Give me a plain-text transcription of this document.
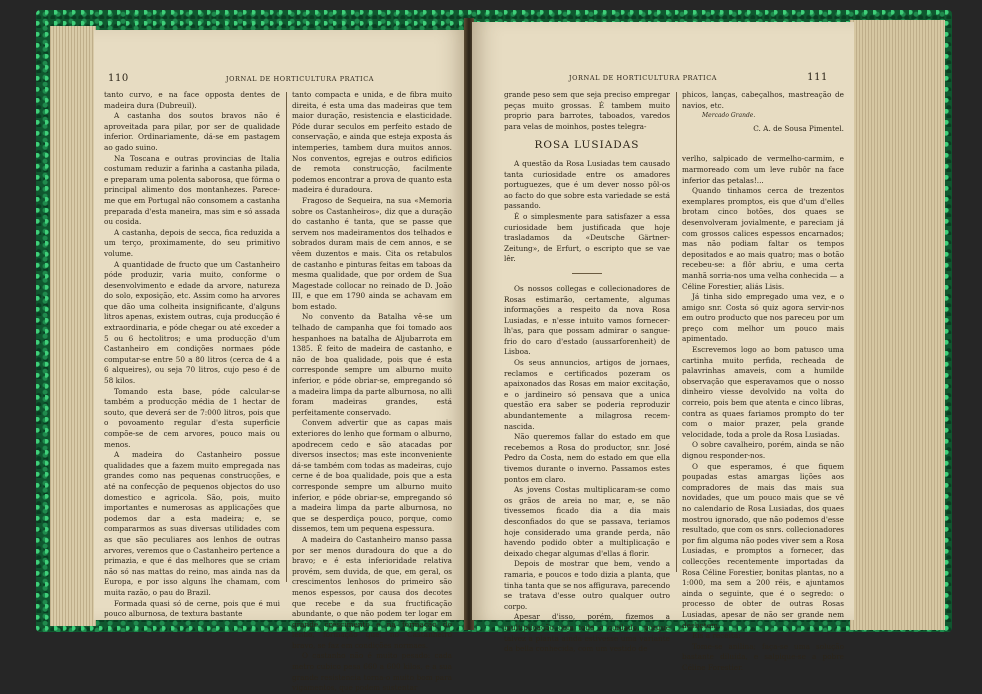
110	JORNAL DE HORTICULTURA PRATICA

tanto curvo, e na face opposta dentes de madeira dura (Dubreuil).

A castanha dos soutos bravos não é aproveitada para pilar, por ser de qualidade inferior. Ordinariamente, dá-se em pastagem ao gado suino.

Na Toscana e outras provincias de Italia costumam reduzir a farinha a castanha pilada, e preparam uma polenta saborosa, que fórma o principal alimento dos montanhezes. Parece-me que em Portugal não consomem a castanha preparada d'esta maneira, mas sim e só assada ou cosida.

A castanha, depois de secca, fica reduzida a um terço, proximamente, do seu primitivo volume.

A quantidade de fructo que um Castanheiro póde produzir, varia muito, conforme o desenvolvimento e edade da arvore, natureza do solo, exposição, etc. Assim como ha arvores que dão uma colheita insignificante, d'alguns litros apenas, existem outras, cuja producção é extraordinaria, e póde chegar ou até exceder a 5 ou 6 hectolitros; e uma producção d'um Castanheiro em condições normaes póde computar-se entre 50 a 80 litros (cerca de 4 a 6 alqueires), ou seja 70 litros, cujo peso é de 58 kilos.

Tomando esta base, póde calcular-se também a producção média de 1 hectar de souto, que deverá ser de 7:000 litros, pois que o povoamento regular d'esta superficie compõe-se de cem arvores, pouco mais ou menos.

A madeira do Castanheiro possue qualidades que a fazem muito empregada nas grandes como nas pequenas construcções, e até na confecção de pequenos objectos do uso domestico e agricola. São, pois, muito importantes e numerosas as applicações que podemos dar a esta madeira; e, se compararmos as suas diversas utilidades com as que são peculiares aos lenhos de outras arvores, veremos que o Castanheiro pertence a primazia, e que é das melhores que se criam não só nas mattas do reino, mas ainda nas da Europa, e por isso alguns lhe chamam, com muita razão, o pau do Brazil.

Formada quasi só de cerne, pois que é mui pouco alburnosa, de textura bastante

tanto compacta e unida, e de fibra muito direita, é esta uma das madeiras que tem maior duração, resistencia e elasticidade. Póde durar seculos em perfeito estado de conservação, e ainda que esteja exposta ás intemperies, tambem dura muitos annos. Nos conventos, egrejas e outros edificios de remota construcção, facilmente podemos encontrar a prova de quanto esta madeira é duradoura.

Fragoso de Sequeira, na sua «Memoria sobre os Castanheiros», diz que a duração do castanho é tanta, que se passe que servem nos madeiramentos dos telhados e sobrados duram mais de cem annos, e se vêem duzentos e mais. Cita os retabulos de castanho e pinturas feitas em taboas da mesma qualidade, que por ordem de Sua Magestade collocar no reinado de D. João III, e que em 1790 ainda se achavam em bom estado.

No convento da Batalha vê-se um telhado de campanha que foi tomado aos hespanhoes na batalha de Aljubarrota em 1385. É feito de madeira de castanho, e não de boa qualidade, pois que é esta corresponde sempre um alburno muito inferior, e póde obriar-se, empregando só a madeira limpa da parte alburnosa, no alli foram madeiras grandes, está perfeitamente conservado.

Convem advertir que as capas mais exteriores do lenho que formam o alburno, apodrecem cedo e são atacadas por diversos insectos; mas este inconveniente dá-se também com todas as madeiras, cujo cerne é de boa qualidade, pois que a esta corresponde sempre um alburno muito inferior, e póde obriar-se, empregando só a madeira limpa da parte alburnosa, no que se desperdiça pouco, porque, como dissemos, tem um pequena espessura.

A madeira do Castanheiro manso passa por ser menos duradoura do que a do bravo; e é esta inferioridade relativa provém, sem duvida, de que, em geral, os crescimentos lenhosos do primeiro são menos espessos, por causa dos decotes que recebe e da sua fructificação abundante, o que não podem ter logar em grande crescimento e na formação do lenho, formação que, no Castanheiro bravo, se faz em condições normaes.

O castanho não é muito pesado: cada metro cubico pesa 660 a 600 kilos, e a sua grande resistencia torna-o muito bom para vigamentos, que podem sustentar

JORNAL DE HORTICULTURA PRATICA	111

grande peso sem que seja preciso empregar peças muito grossas. É tambem muito proprio para barrotes, taboados, varedos para velas de moinhos, postes telegra-

ROSA LUSIADAS

A questão da Rosa Lusiadas tem causado tanta curiosidade entre os amadores portuguezes, que é um dever nosso pôl-os ao facto do que sobre esta variedade se está passando.

É o simplesmente para satisfazer a essa curiosidade bem justificada que hoje trasladamos da «Deutsche Gärtner-Zeitung», de Erfurt, o escripto que se vae lêr.

Os nossos collegas e collecionadores de Rosas estimarão, certamente, algumas informações a respeito da nova Rosa Lusiadas, e n'esse intuito vamos fornecer-lh'as, para que possam admirar o sangue-frio do caro d'estado (aussarforenheit) de Lisboa.

Os seus annuncios, artigos de jornaes, reclamos e certificados pozeram os apaixonados das Rosas em maior excitação, e o jardineiro só pensava que a unica questão era saber se poderia reproduzir abundantemente a milagrosa recem-nascida.

Não queremos fallar do estado em que recebemos a Rosa do productor, snr. José Pedro da Costa, nem do estado em que ella tivemos durante o inverno. Passamos estes pontos em claro.

As jovens Costas multiplicaram-se como os grãos de areia no mar, e, se não tivessemos ficado dia a dia mais desconfiados do que se passava, teriamos hoje considerado uma grande perda, não havendo podido obter a multiplicação e deixado chegar algumas d'ellas á florir.

Depois de mostrar que bem, vendo a ramaria, e poucos e todo dizia a planta, que tinha tanta que se nos affigurava, parecendo se tratava d'esse outro qualquer outro corpo.

Apesar d'isso, porém, fizemos a multiplicação com todo o cuidado, porque talvez a planta ainda estivesse uma variante da bella conhecida, com um vestido de

phicos, lanças, cabeçalhos, mastreação de navios, etc.

Mercado Grande.
C. A. de Sousa Pimentel.

verlho, salpicado de vermelho-carmim, e marmoreado com um leve rubôr na face inferior das petalas!...

Quando tinhamos cerca de trezentos exemplares promptos, eis que d'um d'elles brotam cinco botões, dos quaes se desenvolveram jovialmente, e pareciam já com grossos calices espessos encarnados; mas não podiam faltar os tempos depositados e ao mais quatro; mas o botão recebeu-se: a flôr abriu, e uma certa manhã sorria-nos uma velha conhecida — a Céline Forestier, aliás Lisis.

Já tinha sido empregado uma vez, e o amigo snr. Costa só quiz agora servir-nos em outro producto que nos pareceu por um preço com melhor um pouco mais apimentado.

Escrevemos logo ao bom patusco uma cartinha muito perfida, recheada de palavrinhas amaveis, com a humilde observação que esperavamos que o nosso dinheiro viesse devolvido na volta do correio, pois bem que atenta e cinco libras, contra as quaes fariamos prompto do ter com o maior prazer, pela grande velocidade, toda a prole da Rosa Lusiadas.

O sobre cavalheiro, porém, ainda se não dignou responder-nos.

O que esperamos, é que fiquem poupadas estas amargas lições aos compradores de mais das mais sua novidades, que um pouco mais que se vê no calendario de Rosa Lusiadas, dos quaes mostrou ignorado, que não podemos d'esse resultado, que com os snrs. collecionadores por fim alguma não podes viver sem a Rosa Lusiadas, e promptos a fornecer, das collecções recentemente importadas da Rosa Céline Forestier, bonitas plantas, no a 1:000, ma sem a 200 réis, e ajuntamos ainda o seguinte, que é o segredo: o processo de obter de outras Rosas Lusiadas, apesar de não ser grande nem desbotem.

Eis a receita:

Tome-se anilina; faça-se uma solução bastante diluida, e salpique-se a pobre Céline Forestier.
